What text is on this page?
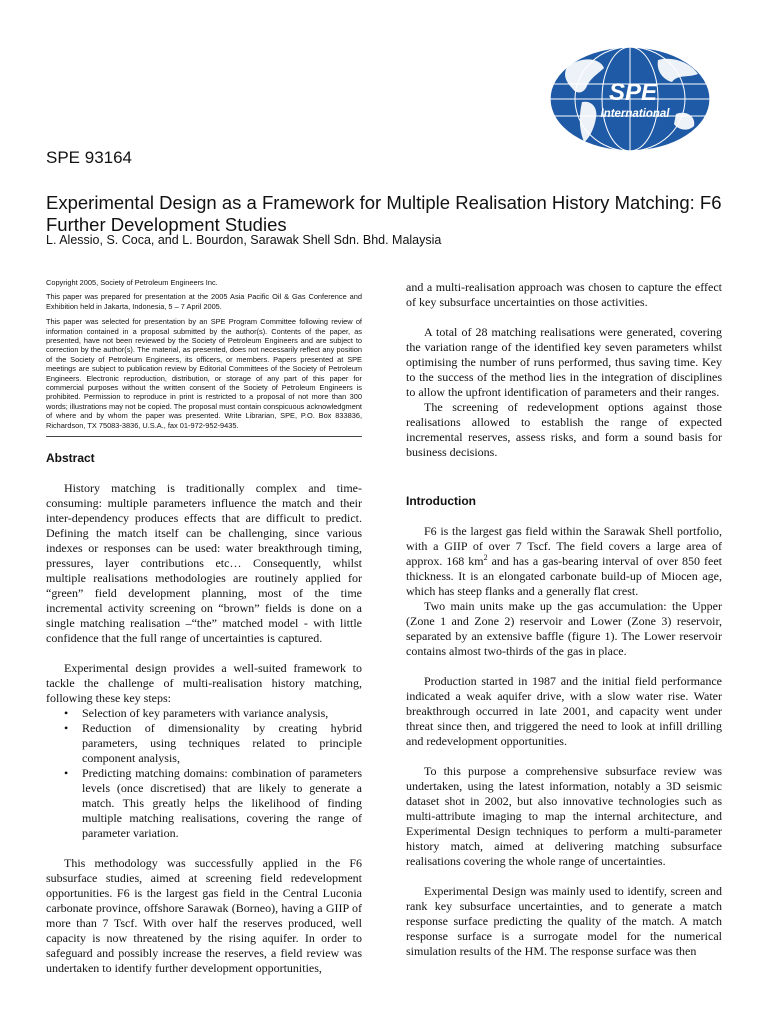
SPE
International
SPE 93164
Experimental Design as a Framework for Multiple Realisation History Matching: F6 Further Development Studies
L. Alessio, S. Coca, and L. Bourdon, Sarawak Shell Sdn. Bhd. Malaysia

Copyright 2005, Society of Petroleum Engineers Inc.

This paper was prepared for presentation at the 2005 Asia Pacific Oil & Gas Conference and Exhibition held in Jakarta, Indonesia, 5 – 7 April 2005.

This paper was selected for presentation by an SPE Program Committee following review of information contained in a proposal submitted by the author(s). Contents of the paper, as presented, have not been reviewed by the Society of Petroleum Engineers and are subject to correction by the author(s). The material, as presented, does not necessarily reflect any position of the Society of Petroleum Engineers, its officers, or members. Papers presented at SPE meetings are subject to publication review by Editorial Committees of the Society of Petroleum Engineers. Electronic reproduction, distribution, or storage of any part of this paper for commercial purposes without the written consent of the Society of Petroleum Engineers is prohibited. Permission to reproduce in print is restricted to a proposal of not more than 300 words; illustrations may not be copied. The proposal must contain conspicuous acknowledgment of where and by whom the paper was presented. Write Librarian, SPE, P.O. Box 833836, Richardson, TX 75083-3836, U.S.A., fax 01-972-952-9435.

Abstract

History matching is traditionally complex and time-consuming: multiple parameters influence the match and their inter-dependency produces effects that are difficult to predict. Defining the match itself can be challenging, since various indexes or responses can be used: water breakthrough timing, pressures, layer contributions etc… Consequently, whilst multiple realisations methodologies are routinely applied for “green” field development planning, most of the time incremental activity screening on “brown” fields is done on a single matching realisation –“the” matched model - with little confidence that the full range of uncertainties is captured.

Experimental design provides a well-suited framework to tackle the challenge of multi-realisation history matching, following these key steps:

•	Selection of key parameters with variance analysis,
•	Reduction of dimensionality by creating hybrid parameters, using techniques related to principle component analysis,
•	Predicting matching domains: combination of parameters levels (once discretised) that are likely to generate a match. This greatly helps the likelihood of finding multiple matching realisations, covering the range of parameter variation.

This methodology was successfully applied in the F6 subsurface studies, aimed at screening field redevelopment opportunities. F6 is the largest gas field in the Central Luconia carbonate province, offshore Sarawak (Borneo), having a GIIP of more than 7 Tscf. With over half the reserves produced, well capacity is now threatened by the rising aquifer. In order to safeguard and possibly increase the reserves, a field review was undertaken to identify further development opportunities,

and a multi-realisation approach was chosen to capture the effect of key subsurface uncertainties on those activities.

A total of 28 matching realisations were generated, covering the variation range of the identified key seven parameters whilst optimising the number of runs performed, thus saving time. Key to the success of the method lies in the integration of disciplines to allow the upfront identification of parameters and their ranges.

The screening of redevelopment options against those realisations allowed to establish the range of expected incremental reserves, assess risks, and form a sound basis for business decisions.

Introduction

F6 is the largest gas field within the Sarawak Shell portfolio, with a GIIP of over 7 Tscf. The field covers a large area of approx. 168 $km^2$ and has a gas-bearing interval of over 850 feet thickness. It is an elongated carbonate build-up of Miocen age, which has steep flanks and a generally flat crest.

Two main units make up the gas accumulation: the Upper (Zone 1 and Zone 2) reservoir and Lower (Zone 3) reservoir, separated by an extensive baffle (figure 1). The Lower reservoir contains almost two-thirds of the gas in place.

Production started in 1987 and the initial field performance indicated a weak aquifer drive, with a slow water rise. Water breakthrough occurred in late 2001, and capacity went under threat since then, and triggered the need to look at infill drilling and redevelopment opportunities.

To this purpose a comprehensive subsurface review was undertaken, using the latest information, notably a 3D seismic dataset shot in 2002, but also innovative technologies such as multi-attribute imaging to map the internal architecture, and Experimental Design techniques to perform a multi-parameter history match, aimed at delivering matching subsurface realisations covering the whole range of uncertainties.

Experimental Design was mainly used to identify, screen and rank key subsurface uncertainties, and to generate a match response surface predicting the quality of the match. A match response surface is a surrogate model for the numerical simulation results of the HM. The response surface was then
